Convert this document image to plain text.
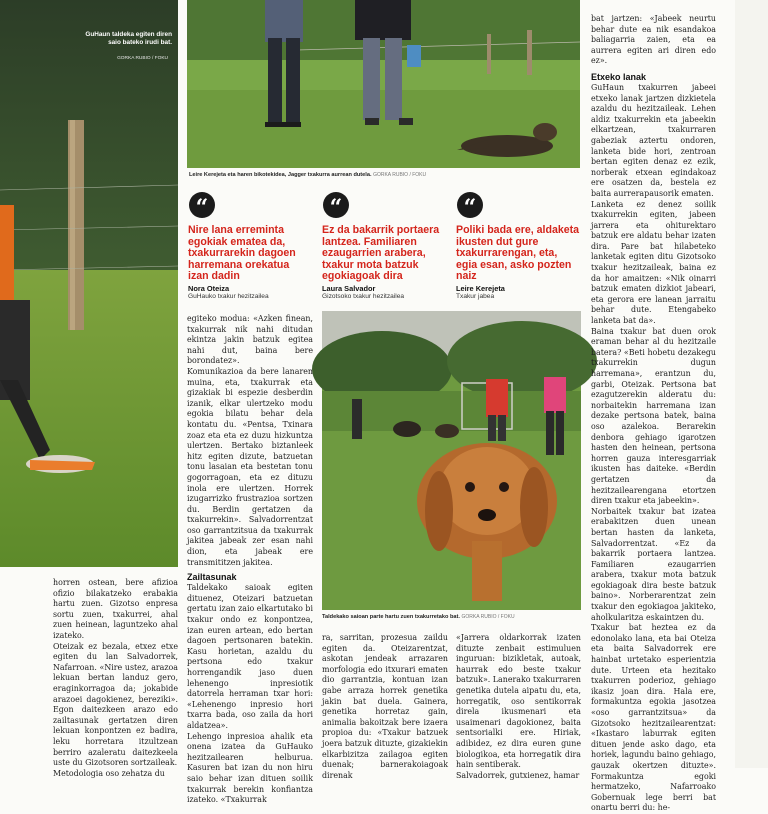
GuHaun taldeka egiten diren saio bateko irudi bat.
GORKA RUBIO / FOKU
Leire Kerejeta eta haren bikotekidea, Jagger txakurra aurrean dutela. GORKA RUBIO / FOKU
“
Nire lana erreminta egokiak ematea da, txakurrarekin dagoen harremana orekatua izan dadin
Nora Oteiza
GuHauko txakur hezitzailea
“
Ez da bakarrik portaera lantzea. Familiaren ezaugarrien arabera, txakur mota batzuk egokiagoak dira
Laura Salvador
Gizotsoko txakur hezitzailea
“
Poliki bada ere, aldaketa ikusten dut gure txakurrarengan, eta, egia esan, asko pozten naiz
Leire Kerejeta
Txakur jabea
Taldekako saioan parte hartu zuen txakurretako bat. GORKA RUBIO / FOKU

horren ostean, bere afizioa ofizio bilakatzeko erabakia hartu zuen. Gizotso enpresa sortu zuen, txakurrei, ahal zuen heinean, laguntzeko ahal izateko.
Oteizak ez bezala, etxez etxe egiten du lan Salvadorrek, Nafarroan. «Nire ustez, arazoa lekuan bertan landuz gero, eraginkorragoa da; jokabide arazoei dagokienez, bereziki». Egon daitezkeen arazo edo zailtasunak gertatzen diren lekuan konpontzen ez badira, leku horretara itzultzean berriro azaleratu daitezkeela uste du Gizotsoren sortzaileak.
Metodologia oso zehatza du

egiteko modua: «Azken finean, txakurrak nik nahi ditudan ekintza jakin batzuk egitea nahi dut, baina bere borondatez».
Komunikazioa da bere lanaren muina, eta, txakurrak eta gizakiak bi espezie desberdin izanik, elkar ulertzeko modu egokia bilatu behar dela kontatu du. «Pentsa, Txinara zoaz eta eta ez duzu hizkuntza ulertzen. Bertako biztanleek hitz egiten dizute, batzuetan tonu lasaian eta bestetan tonu gogorragoan, eta ez dituzu inola ere ulertzen. Horrek izugarrizko frustrazioa sortzen du. Berdin gertatzen da txakurrekin». Salvadorrentzat oso garrantzitsua da txakurrak jakitea jabeak zer esan nahi dion, eta jabeak ere transmititzen jakitea.

Zailtasunak

Taldekako saioak egiten dituenez, Oteizari batzuetan gertatu izan zaio elkartutako bi txakur ondo ez konpontzea, izan euren artean, edo bertan dagoen pertsonaren batekin. Kasu horietan, azaldu du pertsona edo txakur horrengandik jaso duen lehenengo inpresiotik datorrela herraman txar hori: «Lehenengo inpresio hori txarra bada, oso zaila da hori aldatzea».
Lehengo inpresioa ahalik eta onena izatea da GuHauko hezitzailearen helburua. Kasuren bat izan du non hiru saio behar izan dituen soilik txakurrak berekin konfiantza izateko. «Txakurrak

ra, sarritan, prozesua zaildu egiten da. Oteizarentzat, askotan jendeak arrazaren morfologia edo itxurari ematen dio garrantzia, kontuan izan gabe arraza horrek genetika jakin bat duela. Gainera, genetika horretaz gain, animalia bakoitzak bere izaera propioa du: «Txakur batzuek joera batzuk dituzte, gizakiekin elkarbizitza zailagoa egiten duenak; barnerakoiagoak direnak

«Jarrera oldarkorrak izaten dituzte zenbait estimuluen inguruan: bizikletak, autoak, haurrak edo beste txakur batzuk». Lanerako txakurraren genetika dutela aipatu du, eta, horregatik, oso sentikorrak direla ikusmenari eta usaimenari dagokionez, baita sentsorialki ere. Hiriak, adibidez, ez dira euren gune biologikoa, eta horregatik dira hain sentiberak.
Salvadorrek, gutxienez, hamar

bat jartzen: «Jabeek neurtu behar dute ea nik esandakoa baliagarria zaien, eta ea aurrera egiten ari diren edo ez».

Etxeko lanak

GuHaun txakurren jabeei etxeko lanak jartzen dizkietela azaldu du hezitzaileak. Lehen aldiz txakurrekin eta jabeekin elkartzean, txakurraren gabeziak aztertu ondoren, lanketa bide hori, zentroan bertan egiten denaz ez ezik, norberak etxean egindakoaz ere osatzen da, bestela ez baita aurrerapausorik ematen.
Lanketa ez denez soilik txakurrekin egiten, jabeen jarrera eta ohiturektaro batzuk ere aldatu behar izaten dira. Pare bat hilabeteko lanketak egiten ditu Gizotsoko txakur hezitzaileak, baina ez da hor amaitzen: «Nik oinarri batzuk ematen dizkiot jabeari, eta gerora ere lanean jarraitu behar dute. Etengabeko lanketa bat da».
Baina txakur bat duen orok eraman behar al du hezitzaile batera? «Beti hobetu dezakegu txakurrekin dugun harremana», erantzun du, garbi, Oteizak. Pertsona bat ezagutzerekin alderatu du: norbaitekin harremana izan dezake pertsona batek, baina oso azalekoa. Berarekin denbora gehiago igarotzen hasten den heinean, pertsona horren gauza interesgarriak ikusten has daiteke. «Berdin gertatzen da hezitzailearengana etortzen diren txakur eta jabeekin».
Norbaitek txakur bat izatea erabakitzen duen unean bertan hasten da lanketa, Salvadorrentzat. «Ez da bakarrik portaera lantzea. Familiaren ezaugarrien arabera, txakur mota batzuk egokiagoak dira beste batzuk baino». Norberarentzat zein txakur den egokiagoa jakiteko, aholkularitza eskaintzen du.
Txakur bat heztea ez da edonolako lana, eta bai Oteiza eta baita Salvadorrek ere hainbat urtetako esperientzia dute. Urteen eta hezitako txakurren poderioz, gehiago ikasiz joan dira. Hala ere, formakuntza egokia jasotzea «oso garrantzitsua» da Gizotsoko hezitzailearentzat: «Ikastaro laburrak egiten dituen jende asko dago, eta horiek, lagundu baino gehiago, gauzak okertzen dituzte». Formakuntza egoki hermatzeko, Nafarroako Gobernuak lege berri bat onartu berri du: he-
